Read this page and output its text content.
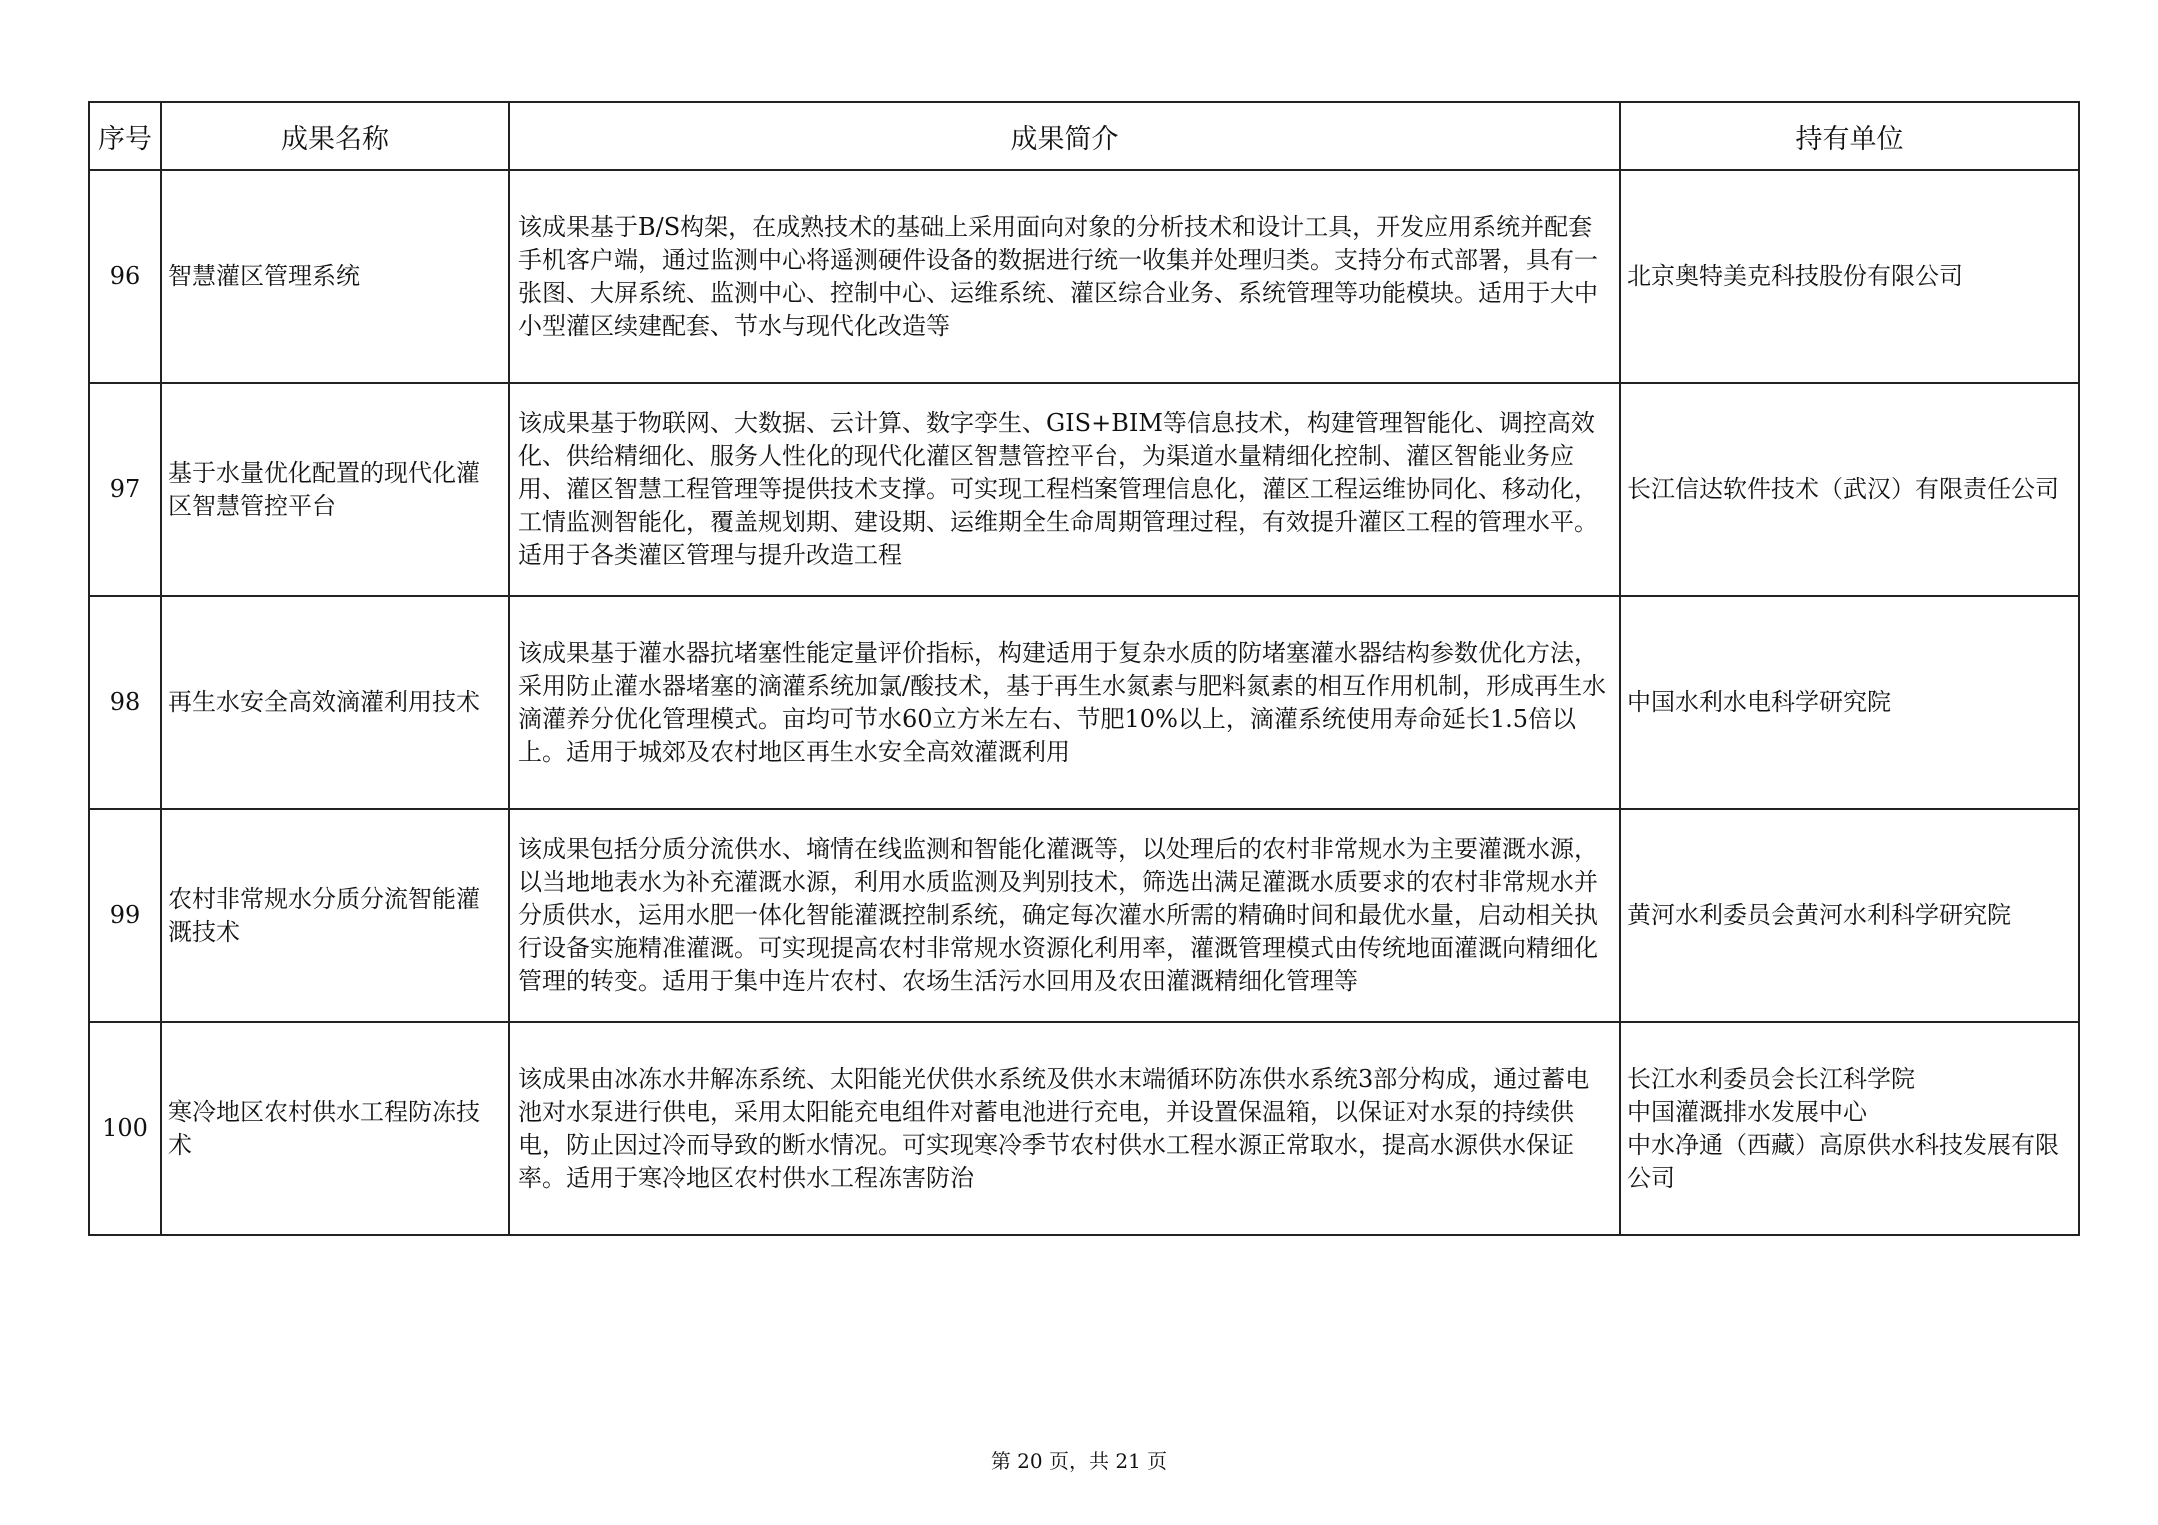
序号	成果名称	成果简介	持有单位
96	智慧灌区管理系统	该成果基于B/S构架，在成熟技术的基础上采用面向对象的分析技术和设计工具，开发应用系统并配套手机客户端，通过监测中心将遥测硬件设备的数据进行统一收集并处理归类。支持分布式部署，具有一张图、大屏系统、监测中心、控制中心、运维系统、灌区综合业务、系统管理等功能模块。适用于大中小型灌区续建配套、节水与现代化改造等	北京奥特美克科技股份有限公司

97	基于水量优化配置的现代化灌区智慧管控平台	该成果基于物联网、大数据、云计算、数字孪生、GIS+BIM等信息技术，构建管理智能化、调控高效化、供给精细化、服务人性化的现代化灌区智慧管控平台，为渠道水量精细化控制、灌区智能业务应用、灌区智慧工程管理等提供技术支撑。可实现工程档案管理信息化，灌区工程运维协同化、移动化，工情监测智能化，覆盖规划期、建设期、运维期全生命周期管理过程，有效提升灌区工程的管理水平。适用于各类灌区管理与提升改造工程	长江信达软件技术（武汉）有限责任公司

98	再生水安全高效滴灌利用技术	该成果基于灌水器抗堵塞性能定量评价指标，构建适用于复杂水质的防堵塞灌水器结构参数优化方法，采用防止灌水器堵塞的滴灌系统加氯/酸技术，基于再生水氮素与肥料氮素的相互作用机制，形成再生水滴灌养分优化管理模式。亩均可节水60立方米左右、节肥10%以上，滴灌系统使用寿命延长1.5倍以上。适用于城郊及农村地区再生水安全高效灌溉利用	中国水利水电科学研究院

99	农村非常规水分质分流智能灌溉技术	该成果包括分质分流供水、墒情在线监测和智能化灌溉等，以处理后的农村非常规水为主要灌溉水源，以当地地表水为补充灌溉水源，利用水质监测及判别技术，筛选出满足灌溉水质要求的农村非常规水并分质供水，运用水肥一体化智能灌溉控制系统，确定每次灌水所需的精确时间和最优水量，启动相关执行设备实施精准灌溉。可实现提高农村非常规水资源化利用率，灌溉管理模式由传统地面灌溉向精细化管理的转变。适用于集中连片农村、农场生活污水回用及农田灌溉精细化管理等	黄河水利委员会黄河水利科学研究院

100	寒冷地区农村供水工程防冻技术	该成果由冰冻水井解冻系统、太阳能光伏供水系统及供水末端循环防冻供水系统3部分构成，通过蓄电池对水泵进行供电，采用太阳能充电组件对蓄电池进行充电，并设置保温箱，以保证对水泵的持续供电，防止因过冷而导致的断水情况。可实现寒冷季节农村供水工程水源正常取水，提高水源供水保证率。适用于寒冷地区农村供水工程冻害防治	长江水利委员会长江科学院
中国灌溉排水发展中心
中水净通（西藏）高原供水科技发展有限公司
第 20 页，共 21 页
